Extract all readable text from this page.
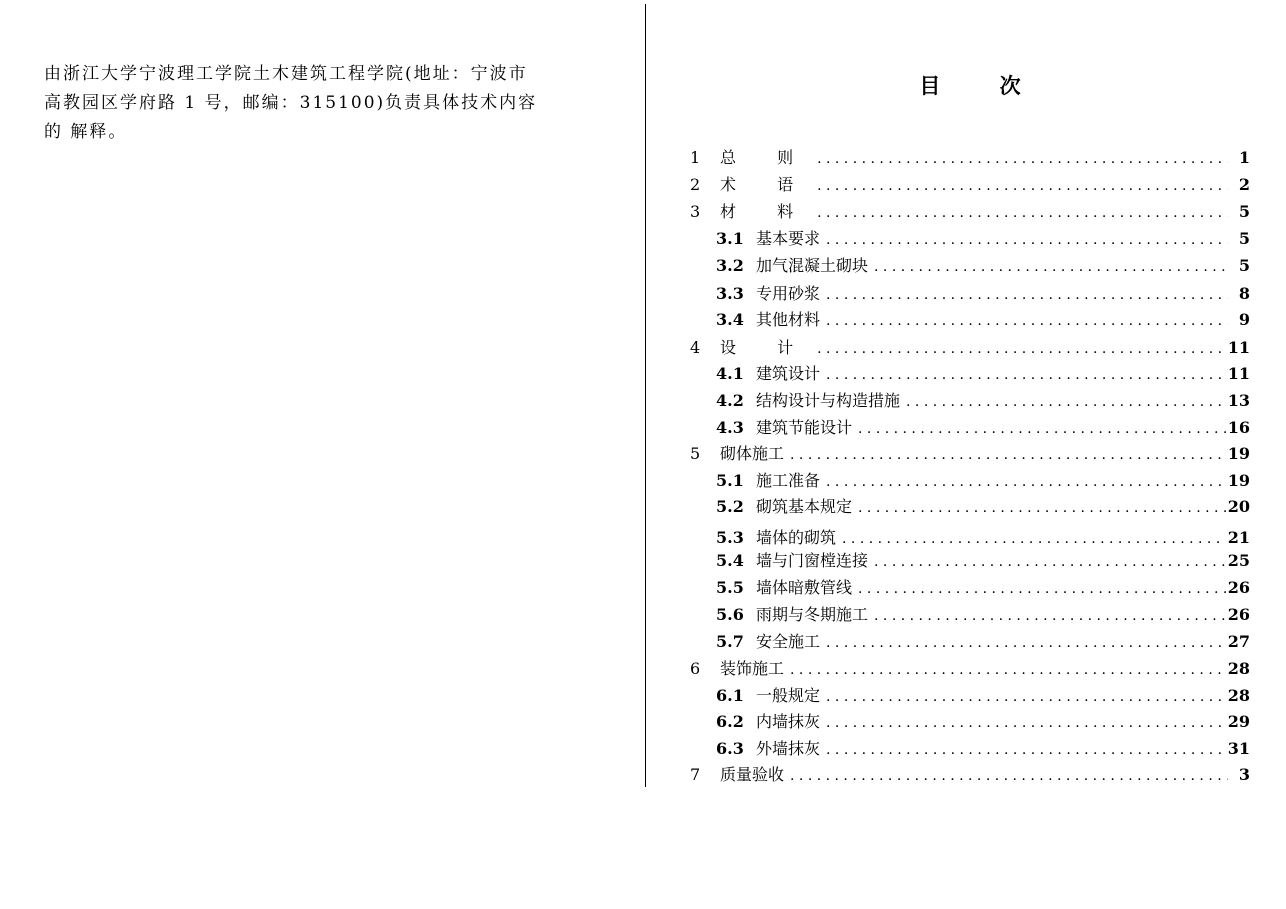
由浙江大学宁波理工学院土木建筑工程学院(地址：宁波市
高教园区学府路 1 号，邮编：315100)负责具体技术内容
的 解释。
目 次
1	总 则 . . .	1
2	术 语 . . .	2
3	材 料 . . .	5
3.1 基本要求 . . .	5
3.2 加气混凝土砌块 . . .	5
3.3 专用砂浆 . . .	8
3.4 其他材料 . . .	9
4	设 计 . . .	11
4.1 建筑设计 . . .	11
4.2 结构设计与构造措施 . . .	13
4.3 建筑节能设计 . . .	16
5	砌体施工 . . .	19
5.1 施工准备 . . .	19
5.2 砌筑基本规定 . . .	20
5.3 墙体的砌筑 . . .	21
5.4 墙与门窗樘连接 . . .	25
5.5 墙体暗敷管线 . . .	26
5.6 雨期与冬期施工 . . .	26
5.7 安全施工 . . .	27
6	装饰施工 . . .	28
6.1 一般规定 . . .	28
6.2 内墙抹灰 . . .	29
6.3 外墙抹灰 . . .	31
7	质量验收 . . .	3
